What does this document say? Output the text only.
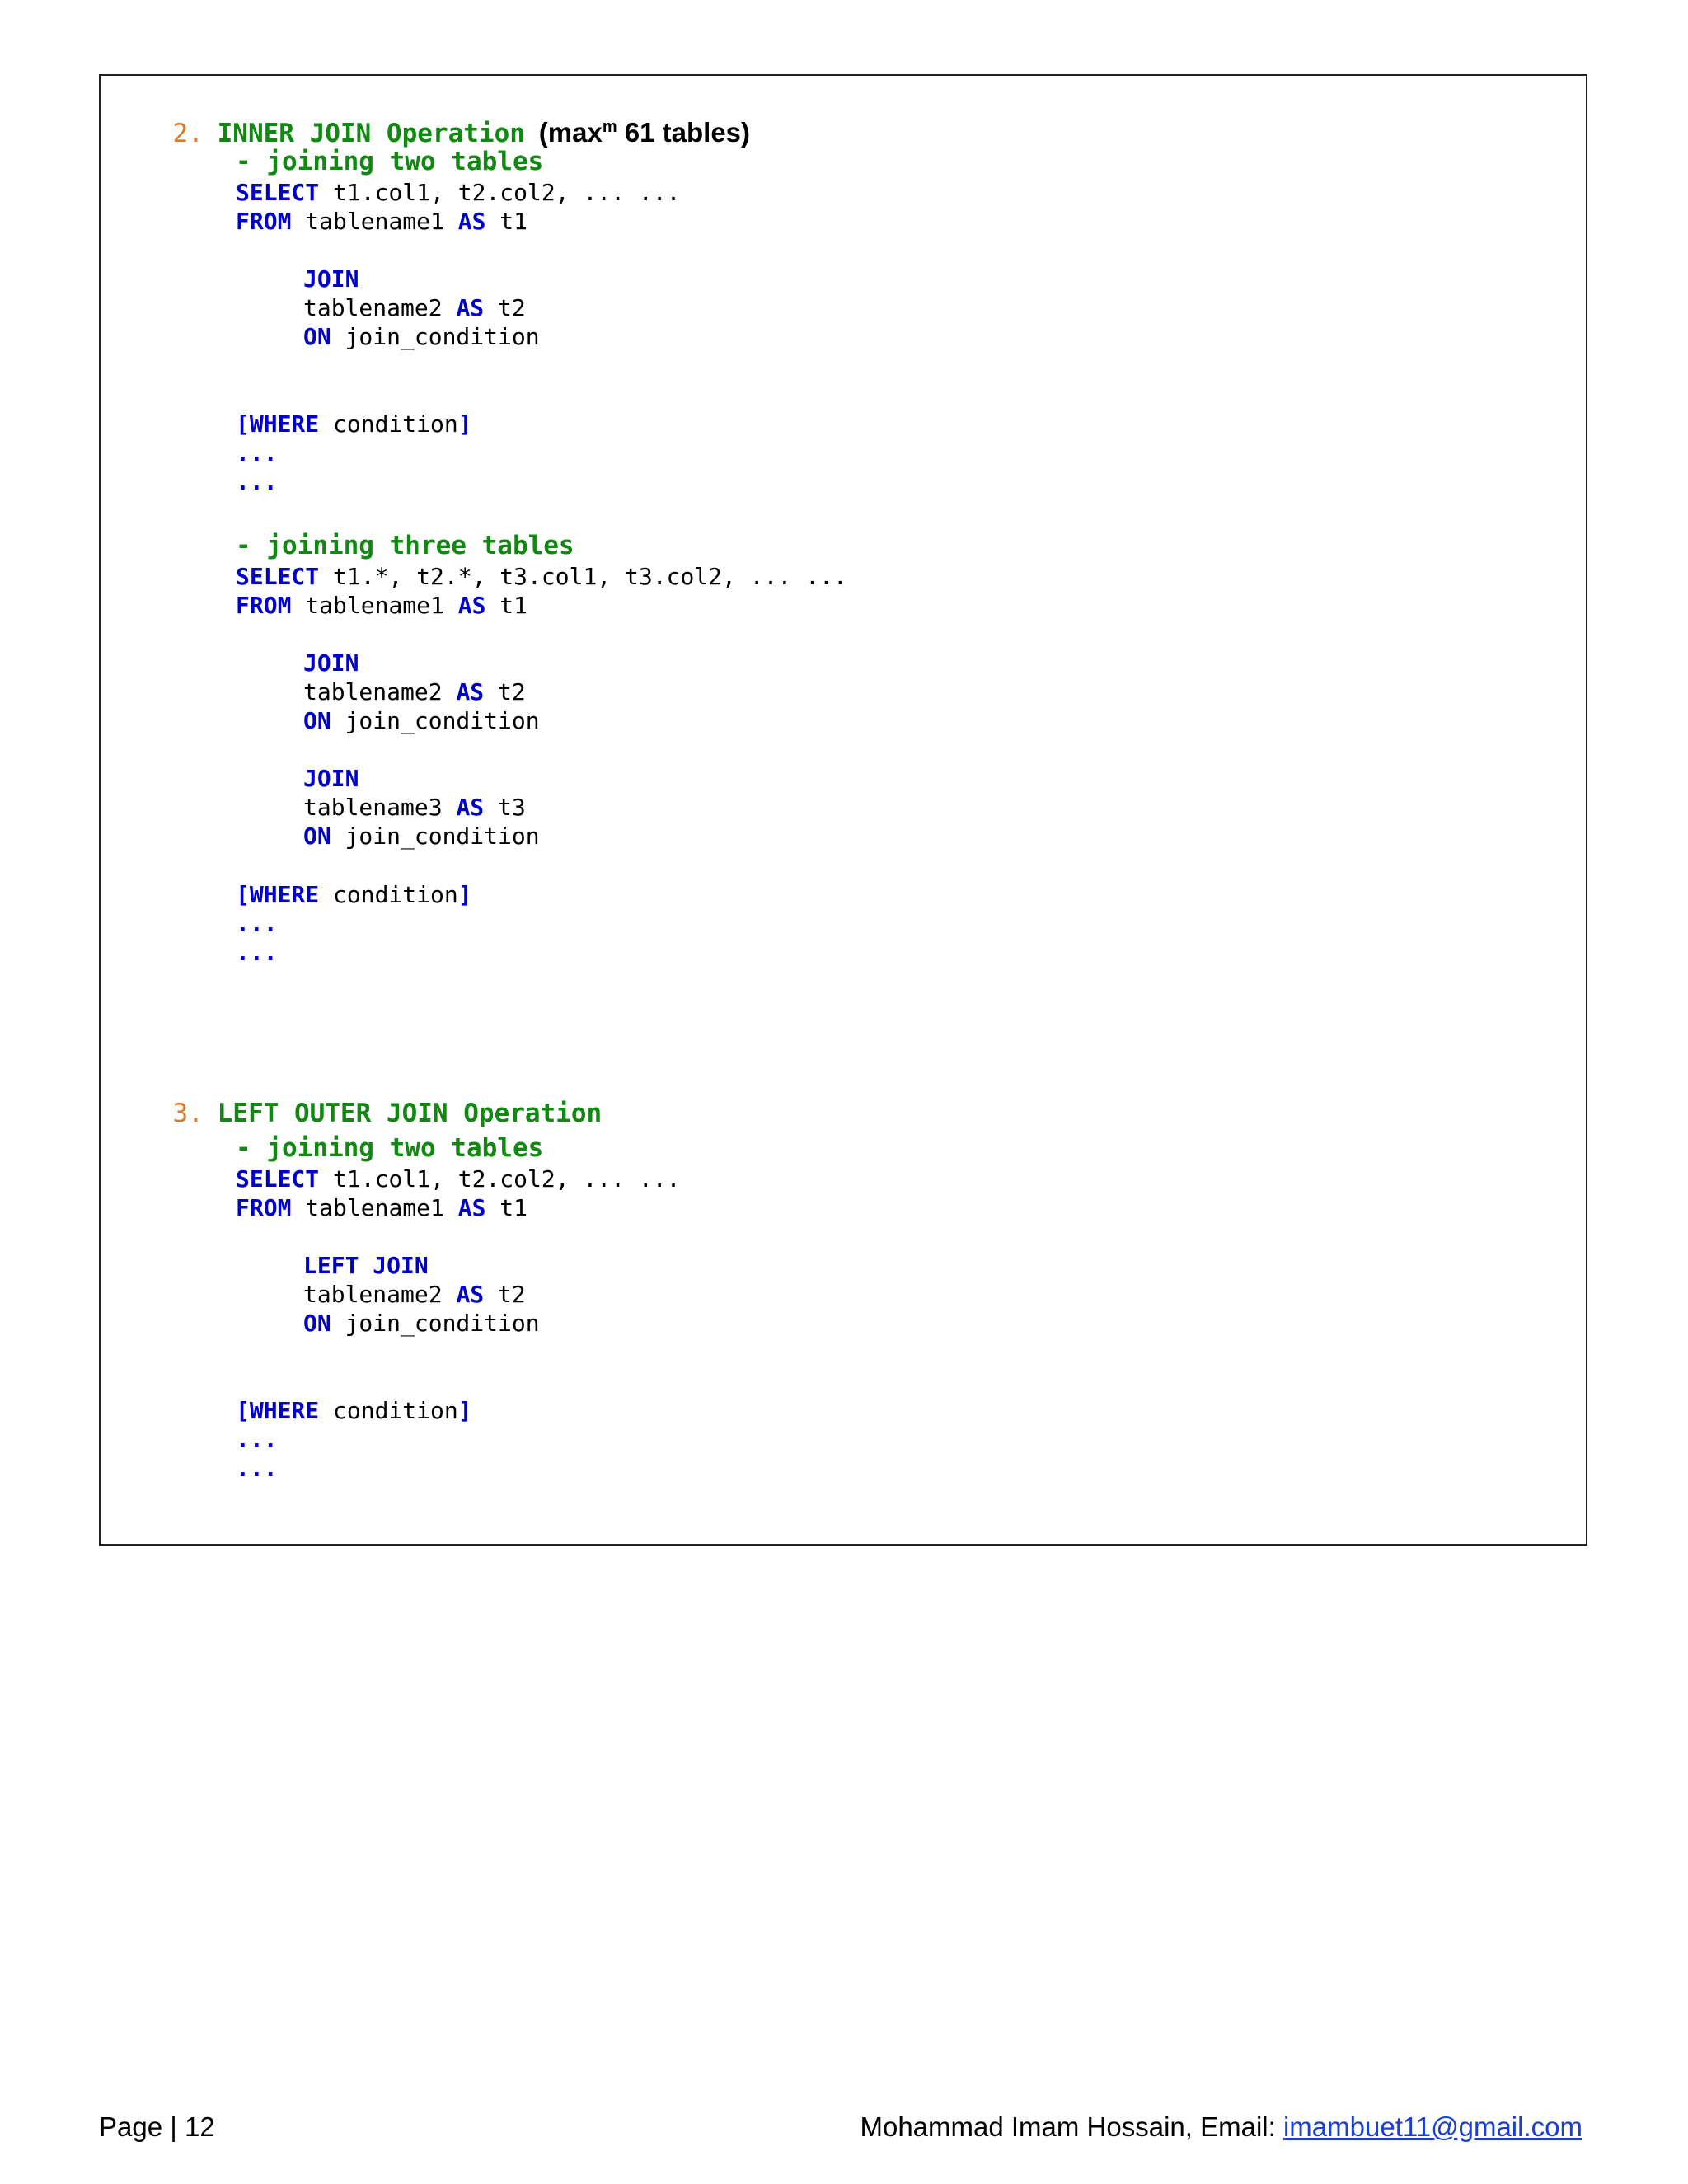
2. INNER JOIN Operation ($\max^m$ 61 tables)

- joining two tables
SELECT t1.col1, t2.col2, ... ...
FROM tablename1 AS t1
JOIN
tablename2 AS t2
ON join_condition
[WHERE condition]
...
...
- joining three tables
SELECT t1.*, t2.*, t3.col1, t3.col2, ... ...
FROM tablename1 AS t1
JOIN
tablename2 AS t2
ON join_condition
JOIN
tablename3 AS t3
ON join_condition
[WHERE condition]
...
...

3. LEFT OUTER JOIN Operation

- joining two tables
SELECT t1.col1, t2.col2, ... ...
FROM tablename1 AS t1
LEFT JOIN
tablename2 AS t2
ON join_condition
[WHERE condition]
...
...
Page | 12	Mohammad Imam Hossain, Email: imambuet11@gmail.com
